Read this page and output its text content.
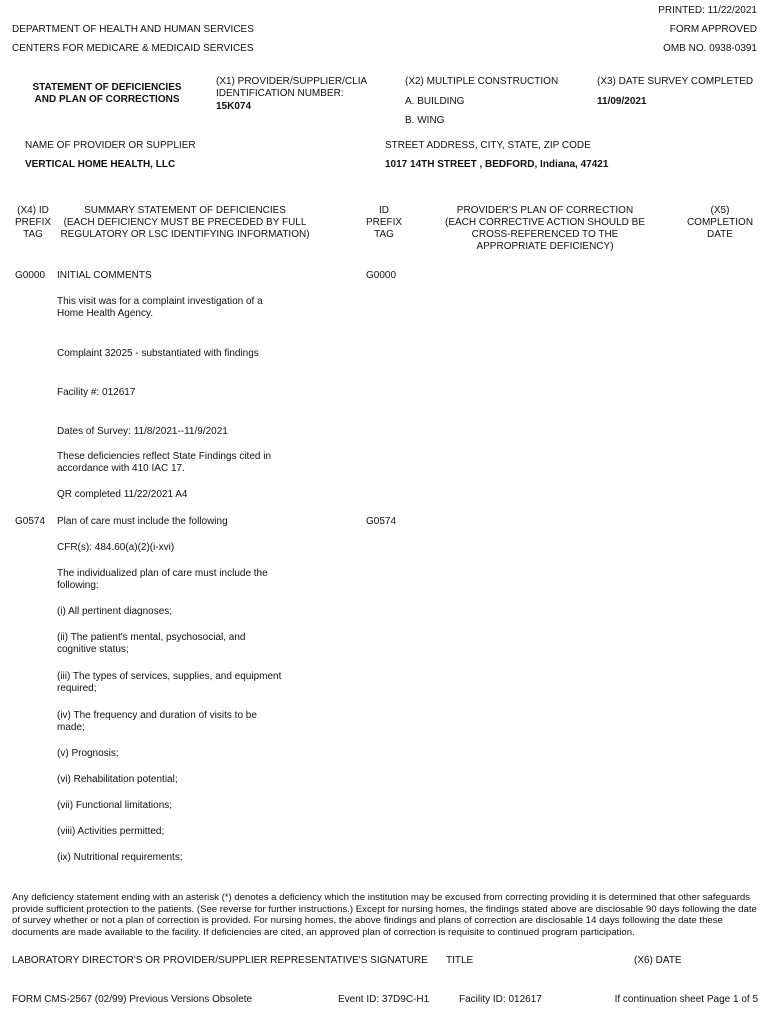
PRINTED: 11/22/2021
DEPARTMENT OF HEALTH AND HUMAN SERVICES	FORM APPROVED
CENTERS FOR MEDICARE & MEDICAID SERVICES	OMB NO. 0938-0391
STATEMENT OF DEFICIENCIES
AND PLAN OF CORRECTIONS
(X1) PROVIDER/SUPPLIER/CLIA
IDENTIFICATION NUMBER:
15K074
(X2) MULTIPLE CONSTRUCTION
A. BUILDING
B. WING
(X3) DATE SURVEY COMPLETED
11/09/2021
NAME OF PROVIDER OR SUPPLIER
VERTICAL HOME HEALTH, LLC
STREET ADDRESS, CITY, STATE, ZIP CODE
1017 14TH STREET , BEDFORD, Indiana, 47421
(X4) ID
PREFIX
TAG
SUMMARY STATEMENT OF DEFICIENCIES
(EACH DEFICIENCY MUST BE PRECEDED BY FULL
REGULATORY OR LSC IDENTIFYING INFORMATION)
ID
PREFIX
TAG
PROVIDER'S PLAN OF CORRECTION
(EACH CORRECTIVE ACTION SHOULD BE
CROSS-REFERENCED TO THE
APPROPRIATE DEFICIENCY)
(X5)
COMPLETION
DATE
G0000 INITIAL COMMENTS	G0000
This visit was for a complaint investigation of a Home Health Agency.
Complaint 32025 - substantiated with findings
Facility #: 012617
Dates of Survey: 11/8/2021--11/9/2021
These deficiencies reflect State Findings cited in accordance with 410 IAC 17.
QR completed 11/22/2021 A4
G0574 Plan of care must include the following	G0574
CFR(s): 484.60(a)(2)(i-xvi)
The individualized plan of care must include the following:
(i) All pertinent diagnoses;
(ii) The patient's mental, psychosocial, and cognitive status;
(iii) The types of services, supplies, and equipment required;
(iv) The frequency and duration of visits to be made;
(v) Prognosis;
(vi) Rehabilitation potential;
(vii) Functional limitations;
(viii) Activities permitted;
(ix) Nutritional requirements;
Any deficiency statement ending with an asterisk (*) denotes a deficiency which the institution may be excused from correcting providing it is determined that other safeguards provide sufficient protection to the patients. (See reverse for further instructions.) Except for nursing homes, the findings stated above are disclosable 90 days following the date of survey whether or not a plan of correction is provided. For nursing homes, the above findings and plans of correction are disclosable 14 days following the date these documents are made available to the facility. If deficiencies are cited, an approved plan of correction is requisite to continued program participation.
LABORATORY DIRECTOR'S OR PROVIDER/SUPPLIER REPRESENTATIVE'S SIGNATURE TITLE	(X6) DATE
FORM CMS-2567 (02/99) Previous Versions Obsolete	Event ID: 37D9C-H1	Facility ID: 012617	If continuation sheet Page 1 of 5
